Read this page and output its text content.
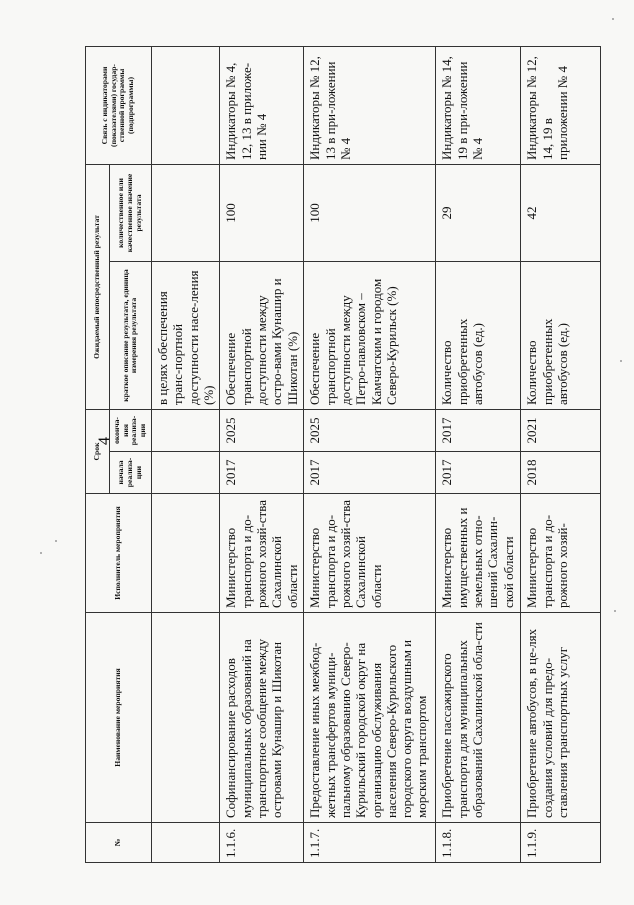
4
№	Наименование мероприятия	Исполнитель мероприятия	Срок		Ожидаемый непосредственный результат		Связь с индикаторами (показателями) государ-ственной программы (подпрограммы)
			начала реализа-ции	оконча-ния реализа-ции	краткое описание результата, единица измерения результата	количественное или качественное значение результата	
					в целях обеспечения транс-портной доступности насе-ления (%)		
1.1.6.	Софинансирование расходов муниципальных образований на транспортное сообщение между островами Кунашир и Шикотан	Министерство транспорта и до-рожного хозяй-ства Сахалинской области	2017	2025	Обеспечение транспортной доступности между остро-вами Кунашир и Шикотан (%)	100	Индикаторы № 4, 12, 13 в приложе-нии № 4
1.1.7.	Предоставление иных межбюд-жетных трансфертов муници-пальному образованию Северо-Курильский городской округ на организацию обслуживания населения Северо-Курильского городского округа воздушным и морским транспортом	Министерство транспорта и до-рожного хозяй-ства Сахалинской области	2017	2025	Обеспечение транспортной доступности между Петро-павловском – Камчатским и городом Северо-Курильск (%)	100	Индикаторы № 12, 13 в при-ложении № 4
1.1.8.	Приобретение пассажирского транспорта для муниципальных образований Сахалинской обла-сти	Министерство имущественных и земельных отно-шений Сахалин-ской области	2017	2017	Количество приобретенных автобусов (ед.)	29	Индикаторы № 14, 19 в при-ложении № 4
1.1.9.	Приобретение автобусов, в це-лях создания условий для предо-ставления транспортных услуг	Министерство транспорта и до-рожного хозяй-	2018	2021	Количество приобретенных автобусов (ед.)	42	Индикаторы № 12, 14, 19 в приложении № 4
